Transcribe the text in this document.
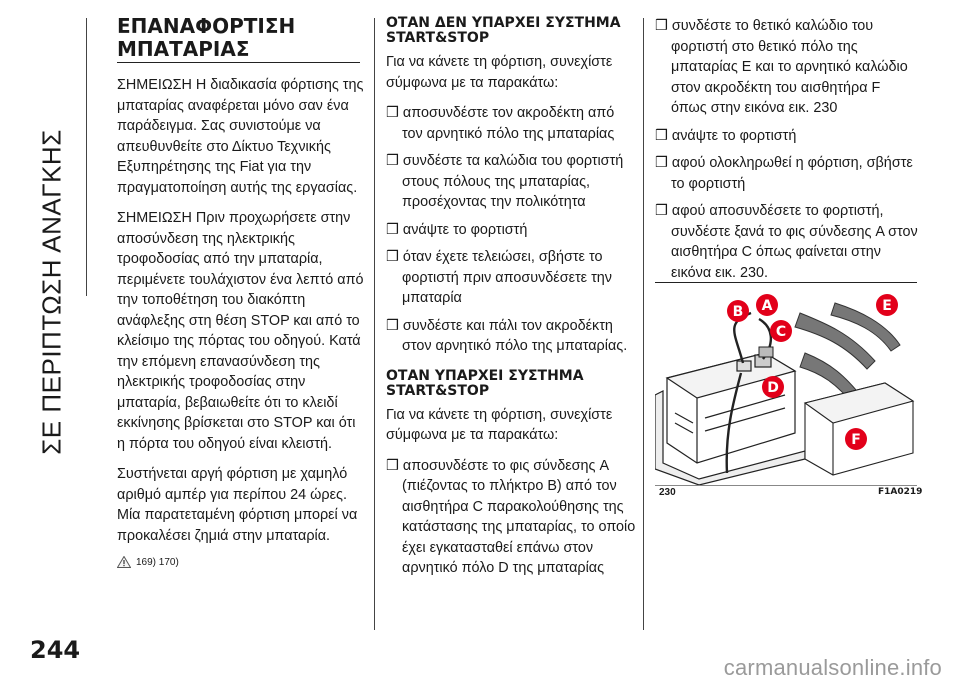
ΣΕ ΠΕΡΙΠΤΩΣΗ ΑΝΑΓΚΗΣ
ΕΠΑΝΑΦΟΡΤΙΣΗ
ΜΠΑΤΑΡΙΑΣ

ΣΗΜΕΙΩΣΗ Η διαδικασία φόρτισης της μπαταρίας αναφέρεται μόνο σαν ένα παράδειγμα. Σας συνιστούμε να απευθυνθείτε στο Δίκτυο Τεχνικής Εξυπηρέτησης της Fiat για την πραγματοποίηση αυτής της εργασίας.

ΣΗΜΕΙΩΣΗ Πριν προχωρήσετε στην αποσύνδεση της ηλεκτρικής τροφοδοσίας από την μπαταρία, περιμένετε τουλάχιστον ένα λεπτό από την τοποθέτηση του διακόπτη ανάφλεξης στη θέση STOP και από το κλείσιμο της πόρτας του οδηγού. Κατά την επόμενη επανασύνδεση της ηλεκτρικής τροφοδοσίας στην μπαταρία, βεβαιωθείτε ότι το κλειδί εκκίνησης βρίσκεται στο STOP και ότι η πόρτα του οδηγού είναι κλειστή.

Συστήνεται αργή φόρτιση με χαμηλό αριθμό αμπέρ για περίπου 24 ώρες. Μία παρατεταμένη φόρτιση μπορεί να προκαλέσει ζημιά στην μπαταρία.

169) 170)
ΟΤΑΝ ΔΕΝ ΥΠΑΡΧΕΙ ΣΥΣΤΗΜΑ START&STOP

Για να κάνετε τη φόρτιση, συνεχίστε σύμφωνα με τα παρακάτω:

❒ αποσυνδέστε τον ακροδέκτη από τον αρνητικό πόλο της μπαταρίας
❒ συνδέστε τα καλώδια του φορτιστή στους πόλους της μπαταρίας, προσέχοντας την πολικότητα
❒ ανάψτε το φορτιστή
❒ όταν έχετε τελειώσει, σβήστε το φορτιστή πριν αποσυνδέσετε την μπαταρία
❒ συνδέστε και πάλι τον ακροδέκτη στον αρνητικό πόλο της μπαταρίας.
ΟΤΑΝ ΥΠΑΡΧΕΙ ΣΥΣΤΗΜΑ START&STOP

Για να κάνετε τη φόρτιση, συνεχίστε σύμφωνα με τα παρακάτω:

❒ αποσυνδέστε το φις σύνδεσης A (πιέζοντας το πλήκτρο B) από τον αισθητήρα C παρακολούθησης της κατάστασης της μπαταρίας, το οποίο έχει εγκατασταθεί επάνω στον αρνητικό πόλο D της μπαταρίας
❒ συνδέστε το θετικό καλώδιο του φορτιστή στο θετικό πόλο της μπαταρίας E και το αρνητικό καλώδιο στον ακροδέκτη του αισθητήρα F όπως στην εικόνα εικ. 230
❒ ανάψτε το φορτιστή
❒ αφού ολοκληρωθεί η φόρτιση, σβήστε το φορτιστή
❒ αφού αποσυνδέσετε το φορτιστή, συνδέστε ξανά το φις σύνδεσης A στον αισθητήρα C όπως φαίνεται στην εικόνα εικ. 230.
B A
C
D
E
F
230	F1A0219
244
carmanualsonline.info
